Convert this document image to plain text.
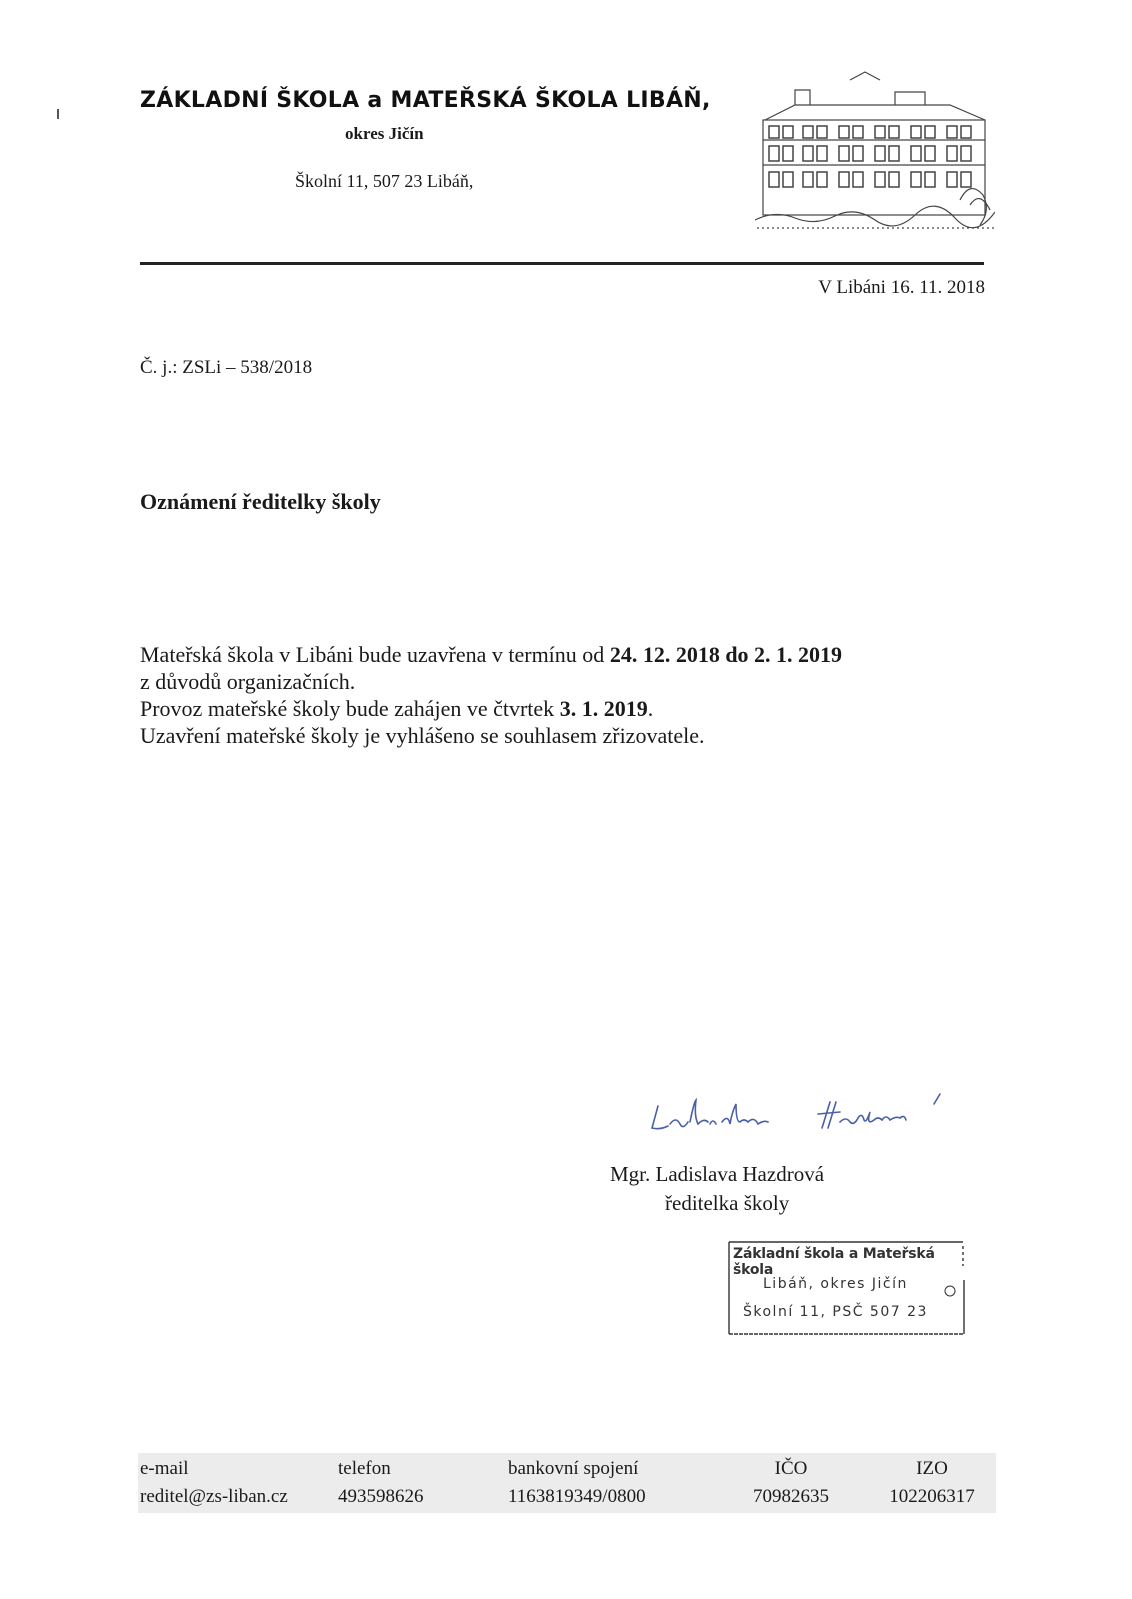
ZÁKLADNÍ ŠKOLA a MATEŘSKÁ ŠKOLA LIBÁŇ,
okres Jičín
Školní 11, 507 23 Libáň,
V Libáni 16. 11. 2018
Č. j.: ZSLi – 538/2018
Oznámení ředitelky školy

Mateřská škola v Libáni bude uzavřena v termínu od 24. 12. 2018 do 2. 1. 2019

z důvodů organizačních.

Provoz mateřské školy bude zahájen ve čtvrtek 3. 1. 2019.

Uzavření mateřské školy je vyhlášeno se souhlasem zřizovatele.

Mgr. Ladislava Hazdrová
ředitelka školy
Základní škola a Mateřská škola
Libáň, okres Jičín
Školní 11, PSČ 507 23
e-mail
reditel@zs-liban.cz
telefon
493598626
bankovní spojení
1163819349/0800
IČO
70982635
IZO
102206317
